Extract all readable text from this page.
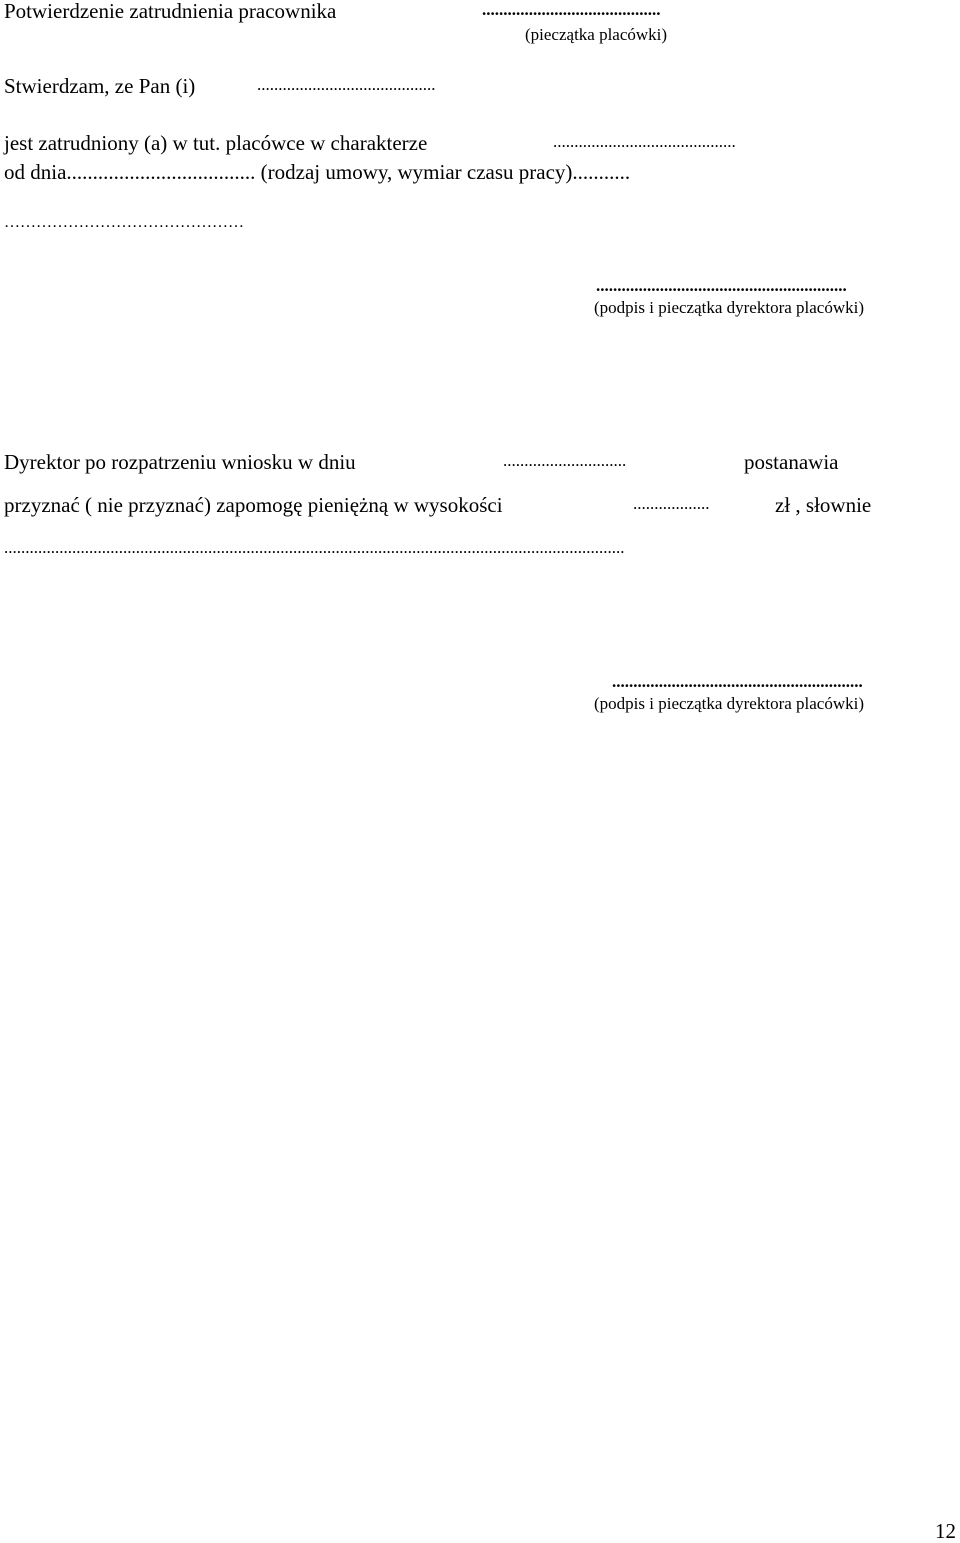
Potwierdzenie zatrudnienia pracownika	..........................................
(pieczątka placówki)
Stwierdzam, ze Pan (i)	..........................................
jest zatrudniony (a) w tut. placówce w charakterze	...........................................
od dnia.................................... (rodzaj umowy, wymiar czasu pracy)...........
………………………………………
...........................................................
(podpis i pieczątka dyrektora placówki)
Dyrektor po rozpatrzeniu wniosku w dniu	.............................	postanawia
przyznać ( nie przyznać) zapomogę pieniężną w wysokości	..................	zł , słownie
..................................................................................................................................................
...........................................................
(podpis i pieczątka dyrektora placówki)
12
